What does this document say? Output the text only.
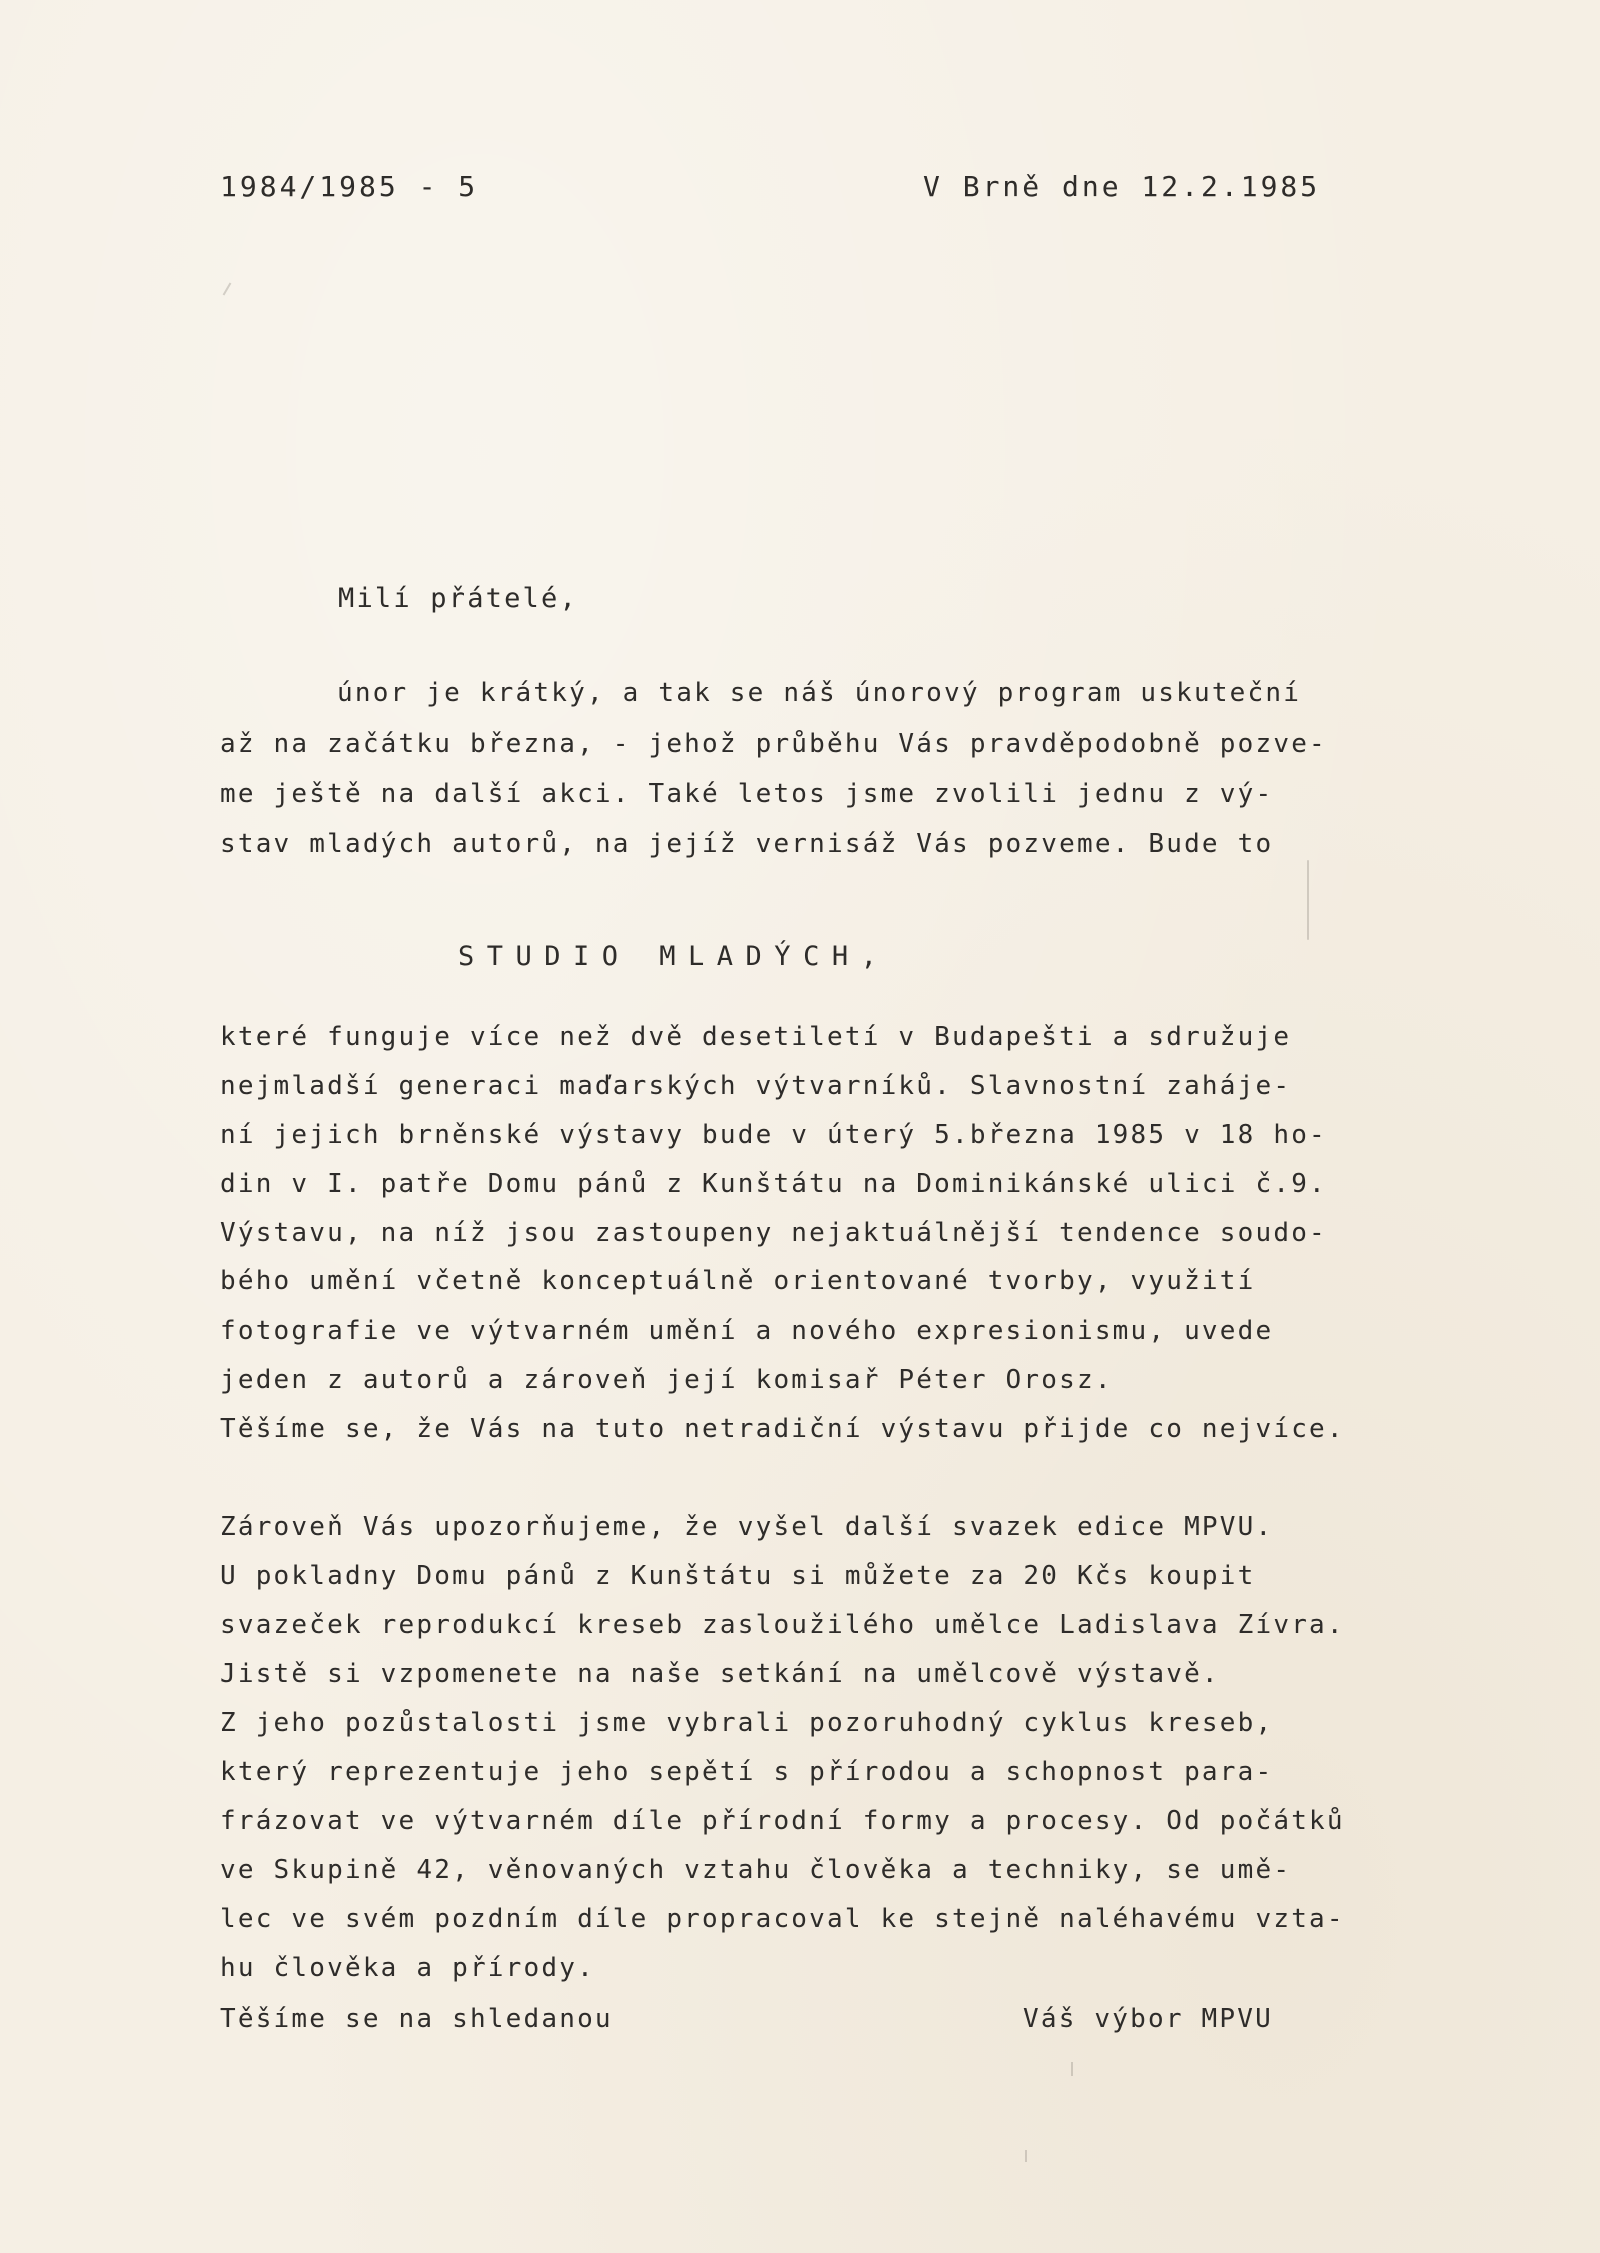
1984/1985 - 5	V Brně dne 12.2.1985
Milí přátelé,
únor je krátký, a tak se náš únorový program uskuteční
až na začátku března, - jehož průběhu Vás pravděpodobně pozve-
me ještě na další akci. Také letos jsme zvolili jednu z vý-
stav mladých autorů, na jejíž vernisáž Vás pozveme. Bude to
STUDIO MLADÝCH,
které funguje více než dvě desetiletí v Budapešti a sdružuje
nejmladší generaci maďarských výtvarníků. Slavnostní zaháje-
ní jejich brněnské výstavy bude v úterý 5.března 1985 v 18 ho-
din v I. patře Domu pánů z Kunštátu na Dominikánské ulici č.9.
Výstavu, na níž jsou zastoupeny nejaktuálnější tendence soudo-
bého umění včetně konceptuálně orientované tvorby, využití
fotografie ve výtvarném umění a nového expresionismu, uvede
jeden z autorů a zároveň její komisař Péter Orosz.
Těšíme se, že Vás na tuto netradiční výstavu přijde co nejvíce.
Zároveň Vás upozorňujeme, že vyšel další svazek edice MPVU.
U pokladny Domu pánů z Kunštátu si můžete za 20 Kčs koupit
svazeček reprodukcí kreseb zasloužilého umělce Ladislava Zívra.
Jistě si vzpomenete na naše setkání na umělcově výstavě.
Z jeho pozůstalosti jsme vybrali pozoruhodný cyklus kreseb,
který reprezentuje jeho sepětí s přírodou a schopnost para-
frázovat ve výtvarném díle přírodní formy a procesy. Od počátků
ve Skupině 42, věnovaných vztahu člověka a techniky, se umě-
lec ve svém pozdním díle propracoval ke stejně naléhavému vzta-
hu člověka a přírody.
Těšíme se na shledanou	Váš výbor MPVU
